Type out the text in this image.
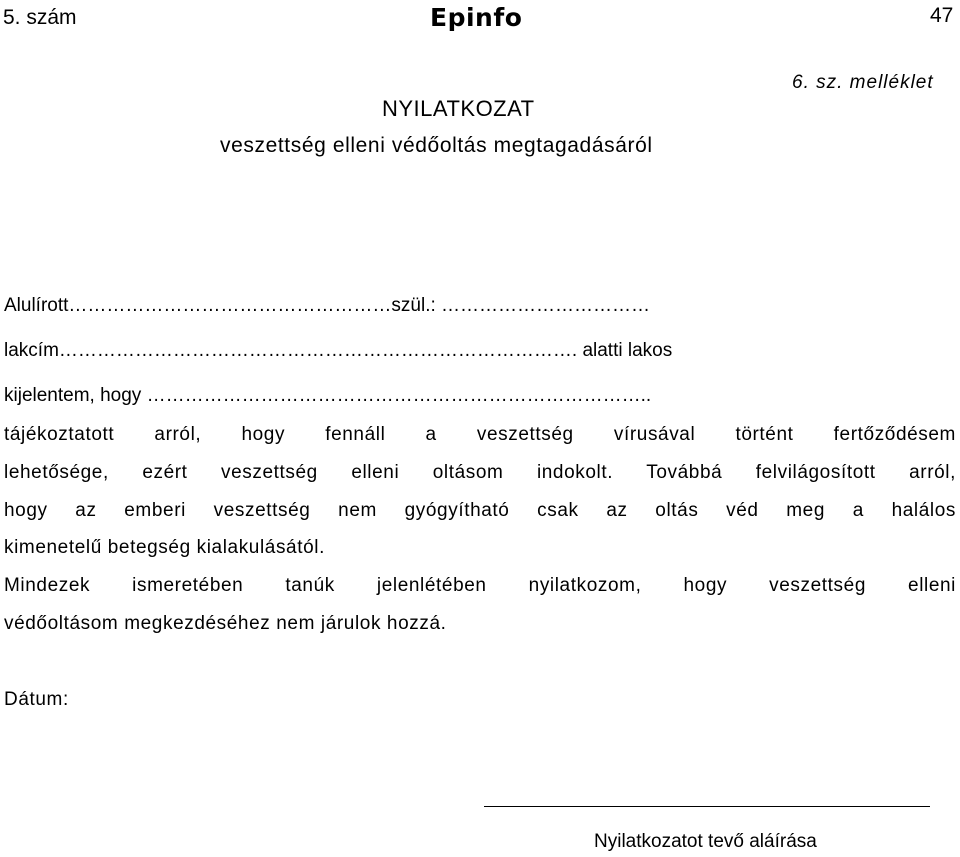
5. szám	Epinfo	47
6. sz. melléklet
NYILATKOZAT
veszettség elleni védőoltás megtagadásáról
Alulírott……………………………………………szül.: ……………………………
lakcím………………………………………………………………………. alatti lakos
kijelentem, hogy ……………………………………………………………………..
tájékoztatott arról, hogy fennáll a veszettség vírusával történt fertőződésem
lehetősége, ezért veszettség elleni oltásom indokolt. Továbbá felvilágosított arról,
hogy az emberi veszettség nem gyógyítható csak az oltás véd meg a halálos
kimenetelű betegség kialakulásától.
Mindezek ismeretében tanúk jelenlétében nyilatkozom, hogy veszettség elleni
védőoltásom megkezdéséhez nem járulok hozzá.
Dátum:
Nyilatkozatot tevő aláírása
